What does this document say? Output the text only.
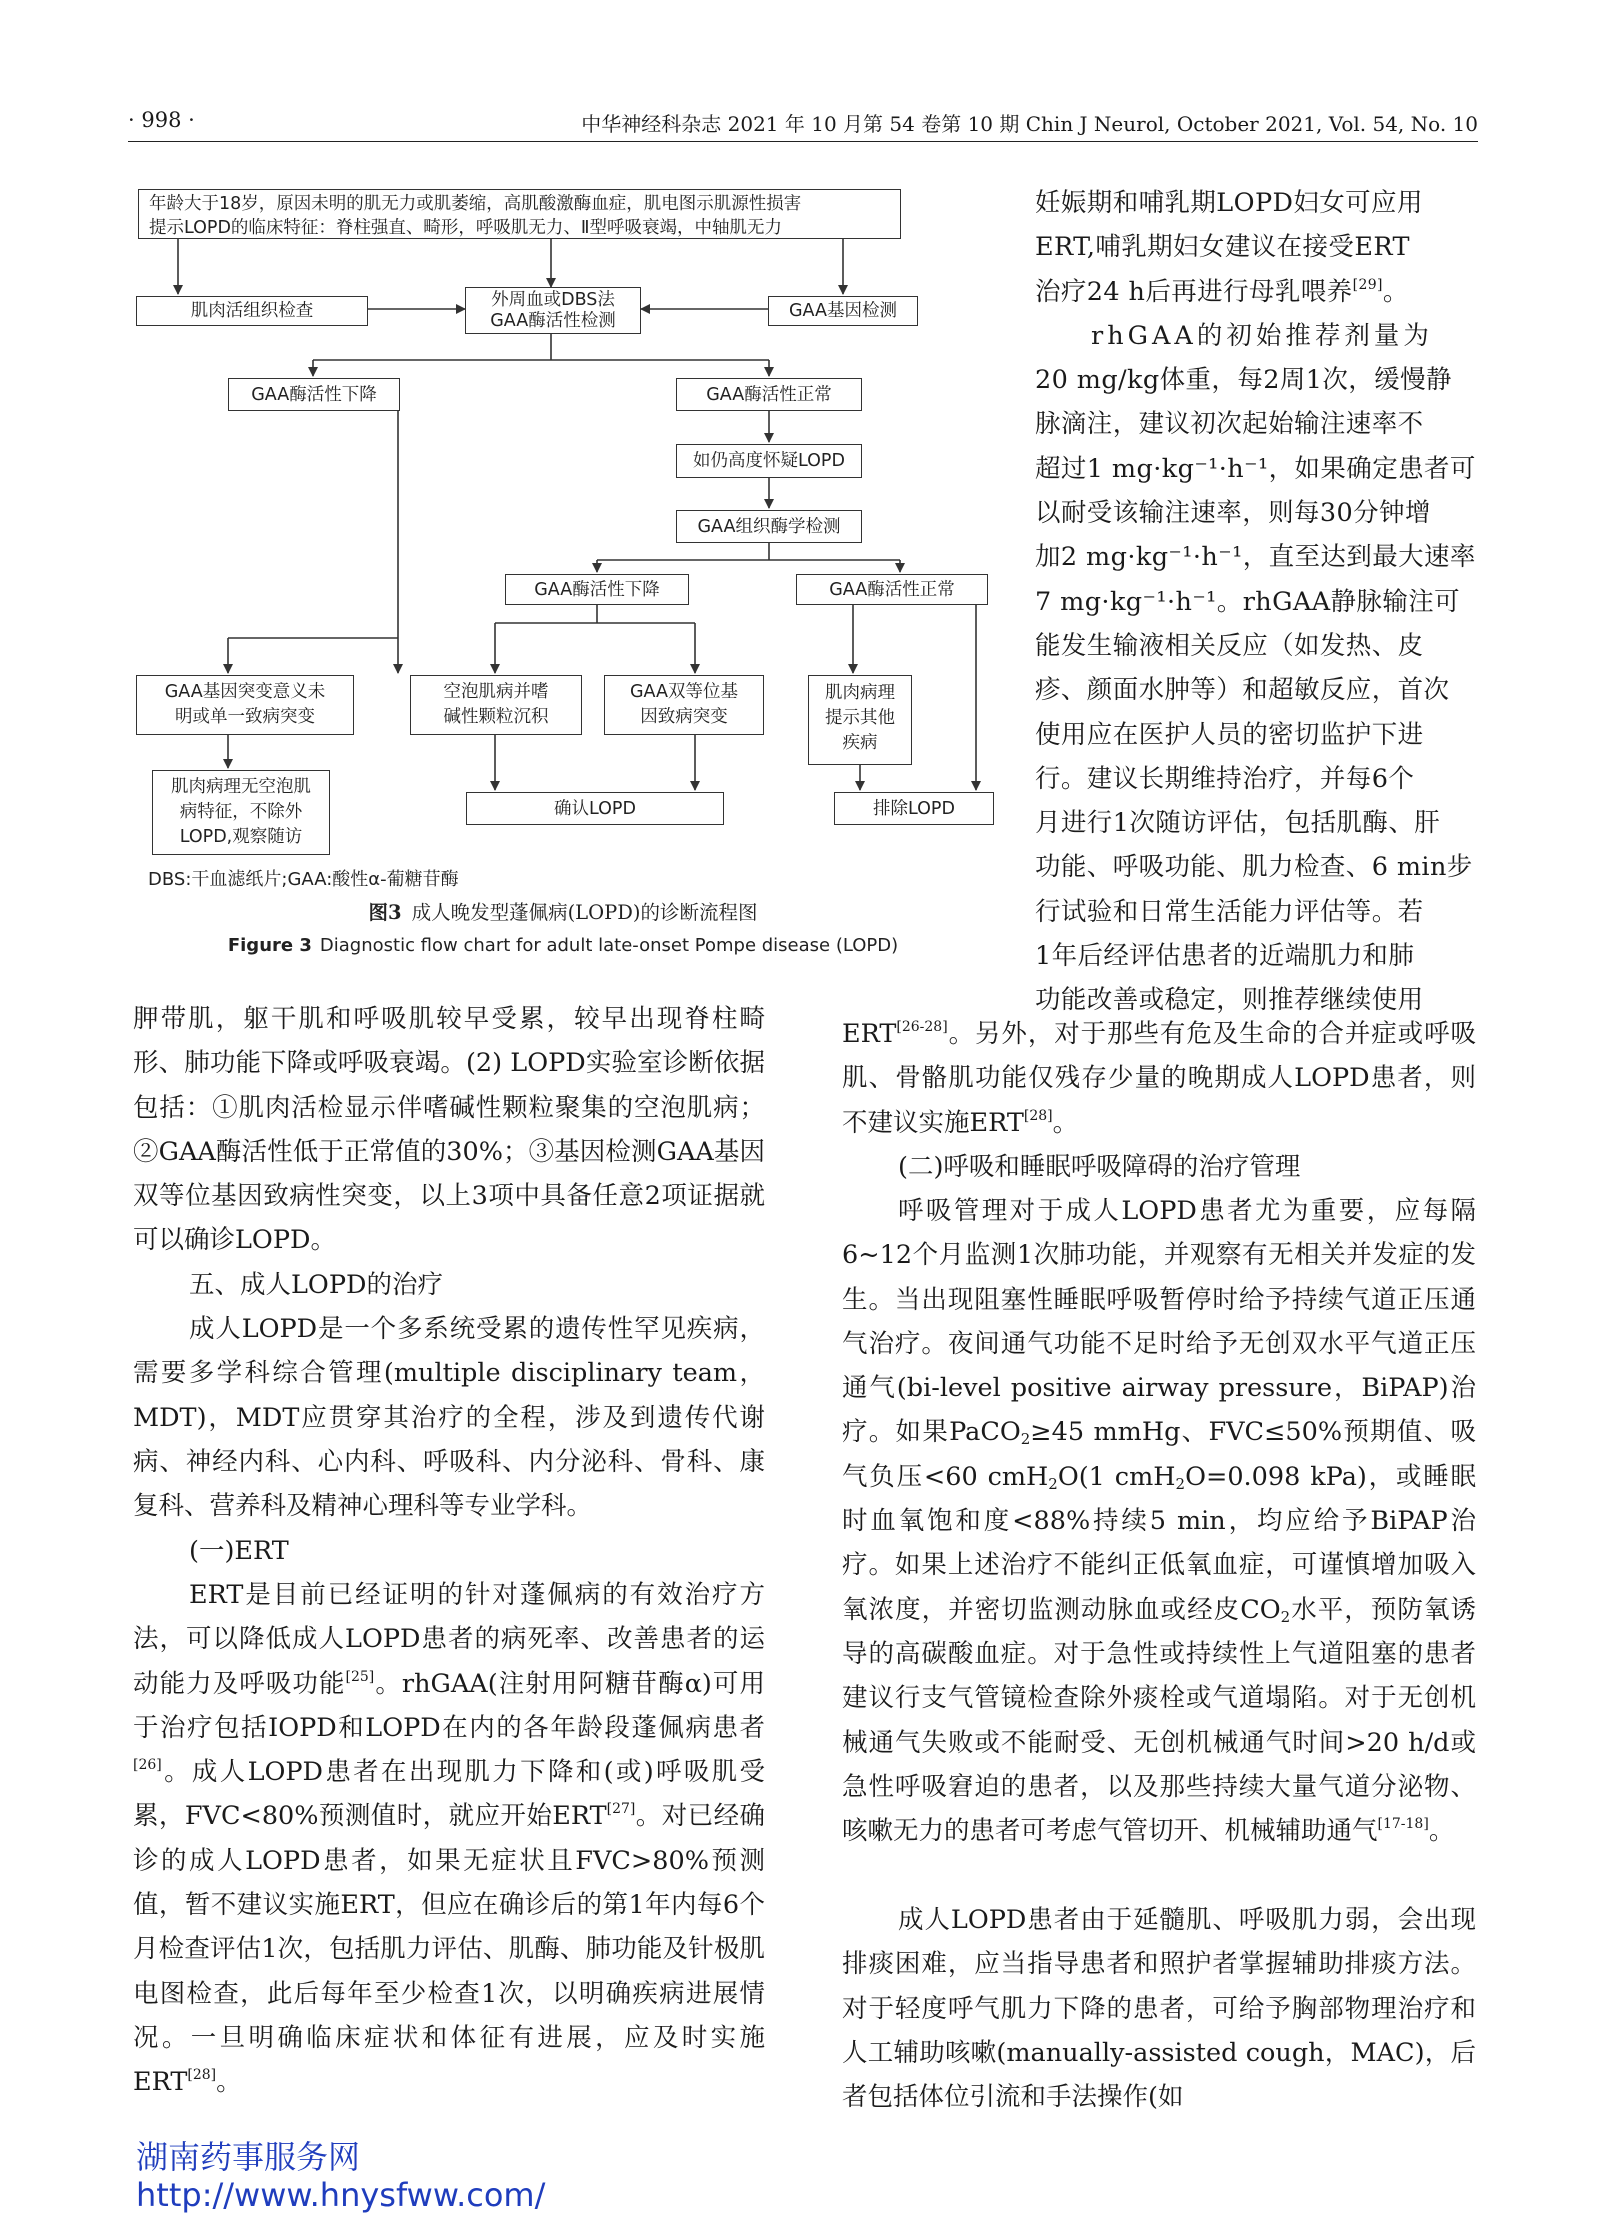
· 998 ·	中华神经科杂志 2021 年 10 月第 54 卷第 10 期 Chin J Neurol, October 2021, Vol. 54, No. 10
年龄大于18岁，原因未明的肌无力或肌萎缩，高肌酸激酶血症，肌电图示肌源性损害
提示LOPD的临床特征：脊柱强直、畸形，呼吸肌无力、Ⅱ型呼吸衰竭，中轴肌无力
肌肉活组织检查
外周血或DBS法
GAA酶活性检测	GAA基因检测
GAA酶活性下降	GAA酶活性正常
如仍高度怀疑LOPD
GAA组织酶学检测
GAA酶活性下降	GAA酶活性正常
GAA基因突变意义未
明或单一致病突变
空泡肌病并嗜
碱性颗粒沉积
GAA双等位基
因致病突变
肌肉病理
提示其他
疾病
肌肉病理无空泡肌
病特征，不除外
LOPD,观察随访
确认LOPD	排除LOPD
DBS:干血滤纸片;GAA:酸性α-葡糖苷酶
图3 成人晚发型蓬佩病(LOPD)的诊断流程图
Figure 3 Diagnostic flow chart for adult late-onset Pompe disease (LOPD)
妊娠期和哺乳期LOPD妇女可应用
ERT,哺乳期妇女建议在接受ERT
治疗24 h后再进行母乳喂养[29]。
rhGAA的初始推荐剂量为
20 mg/kg体重，每2周1次，缓慢静
脉滴注，建议初次起始输注速率不
超过1 mg·kg⁻¹·h⁻¹，如果确定患者可
以耐受该输注速率，则每30分钟增
加2 mg·kg⁻¹·h⁻¹，直至达到最大速率
7 mg·kg⁻¹·h⁻¹。rhGAA静脉输注可
能发生输液相关反应（如发热、皮
疹、颜面水肿等）和超敏反应，首次
使用应在医护人员的密切监护下进
行。建议长期维持治疗，并每6个
月进行1次随访评估，包括肌酶、肝
功能、呼吸功能、肌力检查、6 min步
行试验和日常生活能力评估等。若
1年后经评估患者的近端肌力和肺
功能改善或稳定，则推荐继续使用
胛带肌，躯干肌和呼吸肌较早受累，较早出现脊柱畸形、肺功能下降或呼吸衰竭。(2) LOPD实验室诊断依据包括：①肌肉活检显示伴嗜碱性颗粒聚集的空泡肌病；②GAA酶活性低于正常值的30%；③基因检测GAA基因双等位基因致病性突变，以上3项中具备任意2项证据就可以确诊LOPD。
五、成人LOPD的治疗
成人LOPD是一个多系统受累的遗传性罕见疾病，需要多学科综合管理(multiple disciplinary team，MDT)，MDT应贯穿其治疗的全程，涉及到遗传代谢病、神经内科、心内科、呼吸科、内分泌科、骨科、康复科、营养科及精神心理科等专业学科。
(一)ERT
ERT是目前已经证明的针对蓬佩病的有效治疗方法，可以降低成人LOPD患者的病死率、改善患者的运动能力及呼吸功能[25]。rhGAA(注射用阿糖苷酶α)可用于治疗包括IOPD和LOPD在内的各年龄段蓬佩病患者[26]。成人LOPD患者在出现肌力下降和(或)呼吸肌受累，FVC<80%预测值时，就应开始ERT[27]。对已经确诊的成人LOPD患者，如果无症状且FVC>80%预测值，暂不建议实施ERT，但应在确诊后的第1年内每6个月检查评估1次，包括肌力评估、肌酶、肺功能及针极肌电图检查，此后每年至少检查1次，以明确疾病进展情况。一旦明确临床症状和体征有进展，应及时实施ERT[28]。
ERT[26-28]。另外，对于那些有危及生命的合并症或呼吸肌、骨骼肌功能仅残存少量的晚期成人LOPD患者，则不建议实施ERT[28]。
(二)呼吸和睡眠呼吸障碍的治疗管理
呼吸管理对于成人LOPD患者尤为重要，应每隔6~12个月监测1次肺功能，并观察有无相关并发症的发生。当出现阻塞性睡眠呼吸暂停时给予持续气道正压通气治疗。夜间通气功能不足时给予无创双水平气道正压通气(bi-level positive airway pressure，BiPAP)治疗。如果PaCO$_2$≥45 mmHg、FVC≤50%预期值、吸气负压<60 cmH$_2$O(1 cmH$_2$O=0.098 kPa)，或睡眠时血氧饱和度<88%持续5 min，均应给予BiPAP治疗。如果上述治疗不能纠正低氧血症，可谨慎增加吸入氧浓度，并密切监测动脉血或经皮$CO_2$水平，预防氧诱导的高碳酸血症。对于急性或持续性上气道阻塞的患者建议行支气管镜检查除外痰栓或气道塌陷。对于无创机械通气失败或不能耐受、无创机械通气时间>20 h/d或急性呼吸窘迫的患者，以及那些持续大量气道分泌物、咳嗽无力的患者可考虑气管切开、机械辅助通气[17-18]。
成人LOPD患者由于延髓肌、呼吸肌力弱，会出现排痰困难，应当指导患者和照护者掌握辅助排痰方法。对于轻度呼气肌力下降的患者，可给予胸部物理治疗和人工辅助咳嗽(manually-assisted cough，MAC)，后者包括体位引流和手法操作(如
湖南药事服务网
http://www.hnysfww.com/
